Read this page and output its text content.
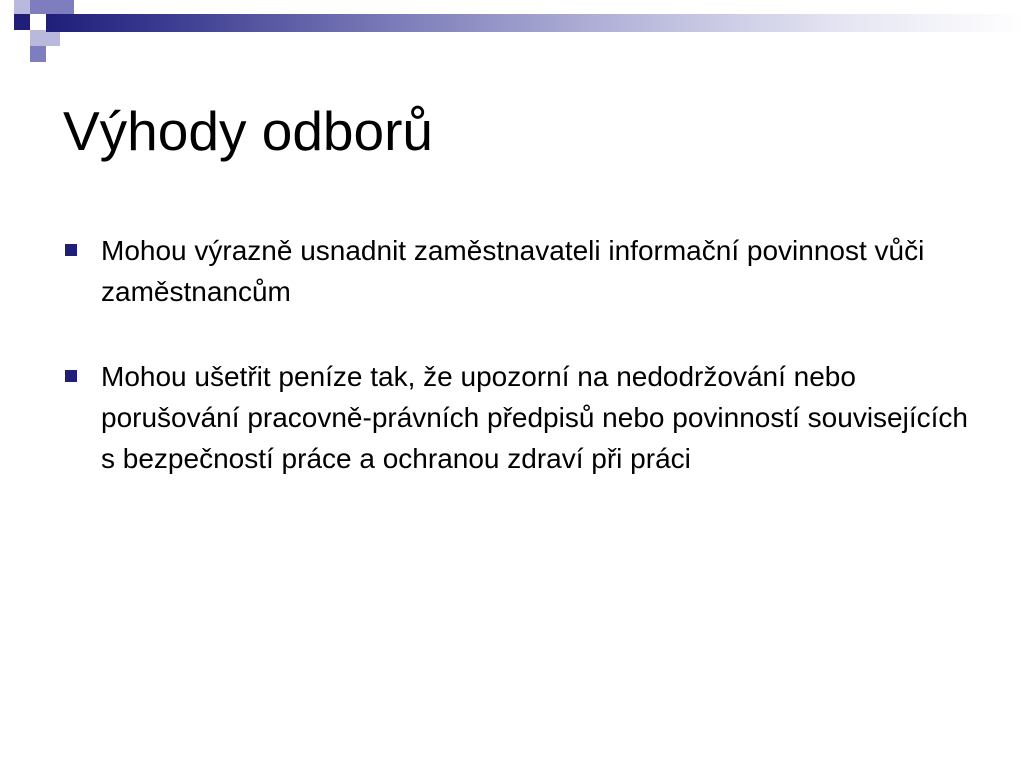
Výhody odborů
Mohou výrazně usnadnit zaměstnavateli informační povinnost vůči zaměstnancům
Mohou ušetřit peníze tak, že upozorní na nedodržování nebo porušování pracovně-právních předpisů nebo povinností souvisejících s bezpečností práce a ochranou zdraví při práci
